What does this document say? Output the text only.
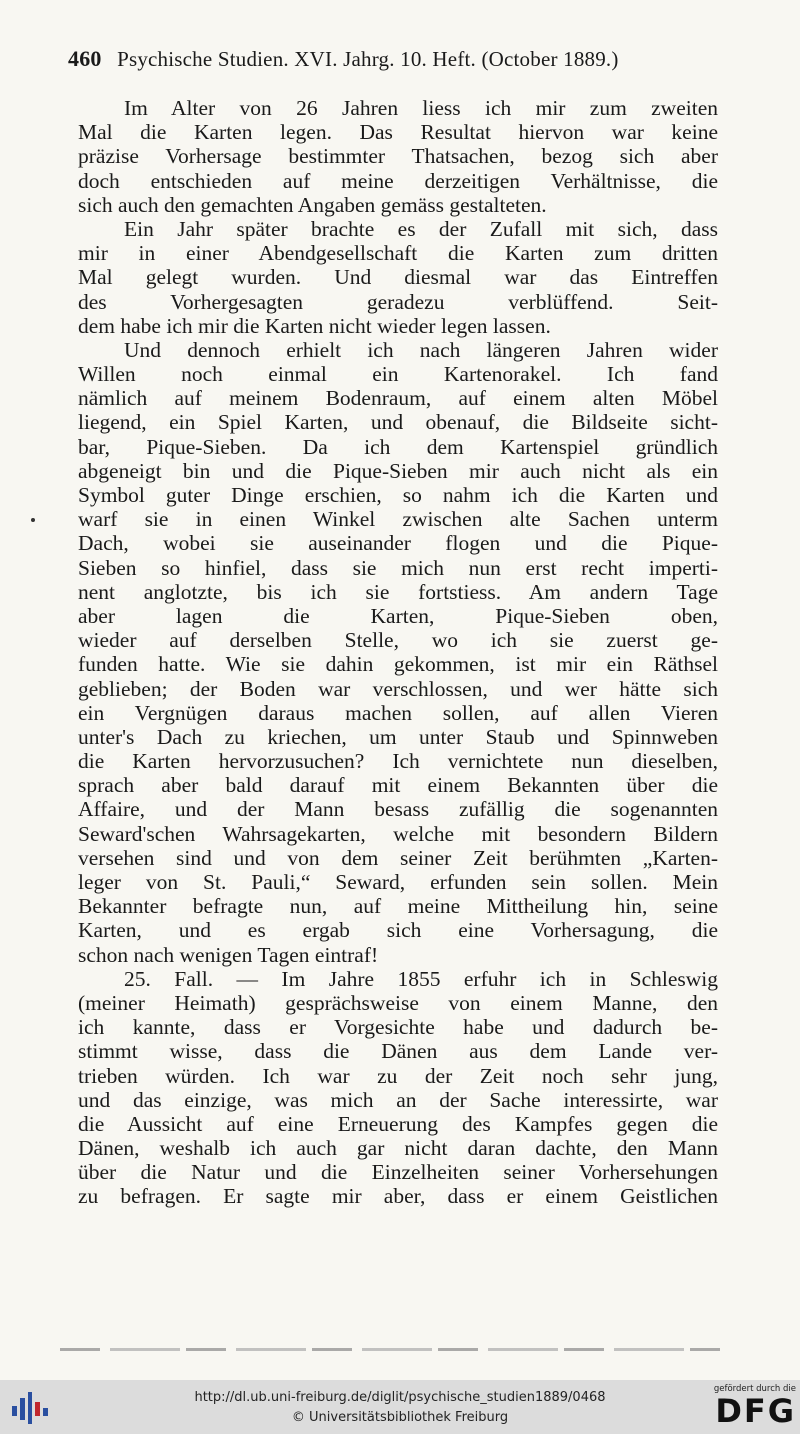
460 Psychische Studien. XVI. Jahrg. 10. Heft. (October 1889.)
Im Alter von 26 Jahren liess ich mir zum zweiten
Mal die Karten legen. Das Resultat hiervon war keine
präzise Vorhersage bestimmter Thatsachen, bezog sich aber
doch entschieden auf meine derzeitigen Verhältnisse, die
sich auch den gemachten Angaben gemäss gestalteten.
Ein Jahr später brachte es der Zufall mit sich, dass
mir in einer Abendgesellschaft die Karten zum dritten
Mal gelegt wurden. Und diesmal war das Eintreffen
des Vorhergesagten geradezu verblüffend. Seit-
dem habe ich mir die Karten nicht wieder legen lassen.
Und dennoch erhielt ich nach längeren Jahren wider
Willen noch einmal ein Kartenorakel. Ich fand
nämlich auf meinem Bodenraum, auf einem alten Möbel
liegend, ein Spiel Karten, und obenauf, die Bildseite sicht-
bar, Pique-Sieben. Da ich dem Kartenspiel gründlich
abgeneigt bin und die Pique-Sieben mir auch nicht als ein
Symbol guter Dinge erschien, so nahm ich die Karten und
warf sie in einen Winkel zwischen alte Sachen unterm
Dach, wobei sie auseinander flogen und die Pique-
Sieben so hinfiel, dass sie mich nun erst recht imperti-
nent anglotzte, bis ich sie fortstiess. Am andern Tage
aber lagen die Karten, Pique-Sieben oben,
wieder auf derselben Stelle, wo ich sie zuerst ge-
funden hatte. Wie sie dahin gekommen, ist mir ein Räthsel
geblieben; der Boden war verschlossen, und wer hätte sich
ein Vergnügen daraus machen sollen, auf allen Vieren
unter's Dach zu kriechen, um unter Staub und Spinnweben
die Karten hervorzusuchen? Ich vernichtete nun dieselben,
sprach aber bald darauf mit einem Bekannten über die
Affaire, und der Mann besass zufällig die sogenannten
Seward'schen Wahrsagekarten, welche mit besondern Bildern
versehen sind und von dem seiner Zeit berühmten „Karten-
leger von St. Pauli,“ Seward, erfunden sein sollen. Mein
Bekannter befragte nun, auf meine Mittheilung hin, seine
Karten, und es ergab sich eine Vorhersagung, die
schon nach wenigen Tagen eintraf!
25. Fall. — Im Jahre 1855 erfuhr ich in Schleswig
(meiner Heimath) gesprächsweise von einem Manne, den
ich kannte, dass er Vorgesichte habe und dadurch be-
stimmt wisse, dass die Dänen aus dem Lande ver-
trieben würden. Ich war zu der Zeit noch sehr jung,
und das einzige, was mich an der Sache interessirte, war
die Aussicht auf eine Erneuerung des Kampfes gegen die
Dänen, weshalb ich auch gar nicht daran dachte, den Mann
über die Natur und die Einzelheiten seiner Vorhersehungen
zu befragen. Er sagte mir aber, dass er einem Geistlichen
http://dl.ub.uni-freiburg.de/diglit/psychische_studien1889/0468
© Universitätsbibliothek Freiburg
gefördert durch die
DFG
